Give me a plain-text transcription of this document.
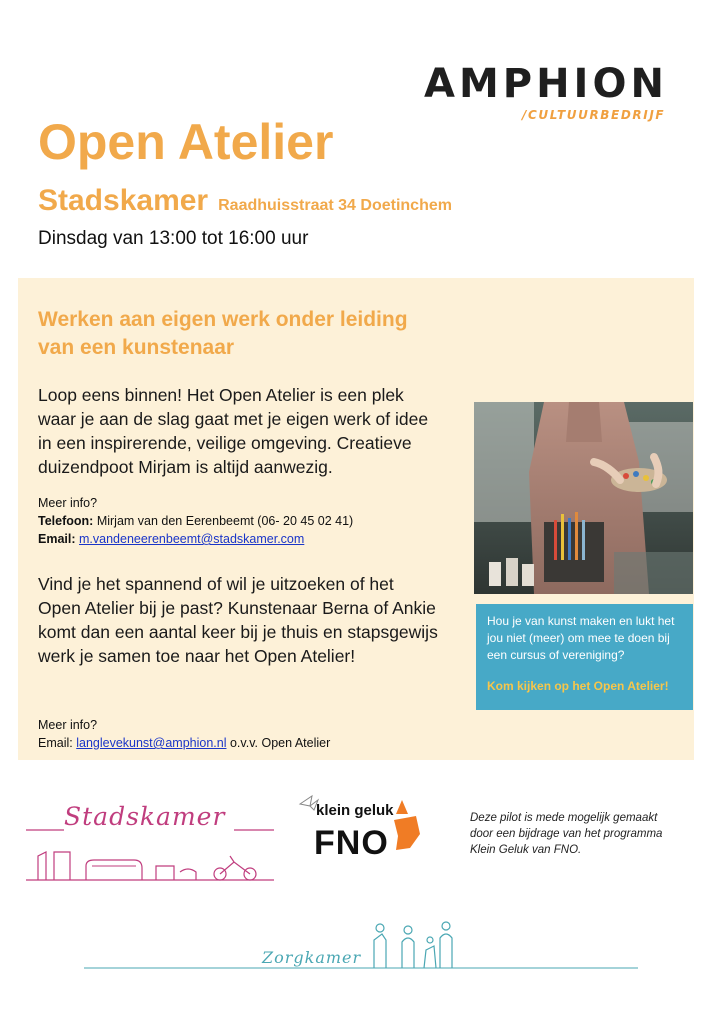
AMPHION
/CULTUURBEDRIJF
Open Atelier
Stadskamer Raadhuisstraat 34 Doetinchem
Dinsdag van 13:00 tot 16:00 uur
Werken aan eigen werk onder leiding van een kunstenaar

Loop eens binnen! Het Open Atelier is een plek waar je aan de slag gaat met je eigen werk of idee in een inspirerende, veilige omgeving. Creatieve duizendpoot Mirjam is altijd aanwezig.

Meer info?
Telefoon: Mirjam van den Eerenbeemt (06- 20 45 02 41)
Email: m.vandeneerenbeemt@stadskamer.com

Vind je het spannend of wil je uitzoeken of het Open Atelier bij je past? Kunstenaar Berna of Ankie komt dan een aantal keer bij je thuis en stapsgewijs werk je samen toe naar het Open Atelier!

Meer info?
Email: langlevekunst@amphion.nl o.v.v. Open Atelier
Hou je van kunst maken en lukt het jou niet (meer) om mee te doen bij een cursus of vereniging?
Kom kijken op het Open Atelier!
Stadskamer	klein geluk
FNO

Deze pilot is mede mogelijk gemaakt door een bijdrage van het programma Klein Geluk van FNO.

Zorgkamer
